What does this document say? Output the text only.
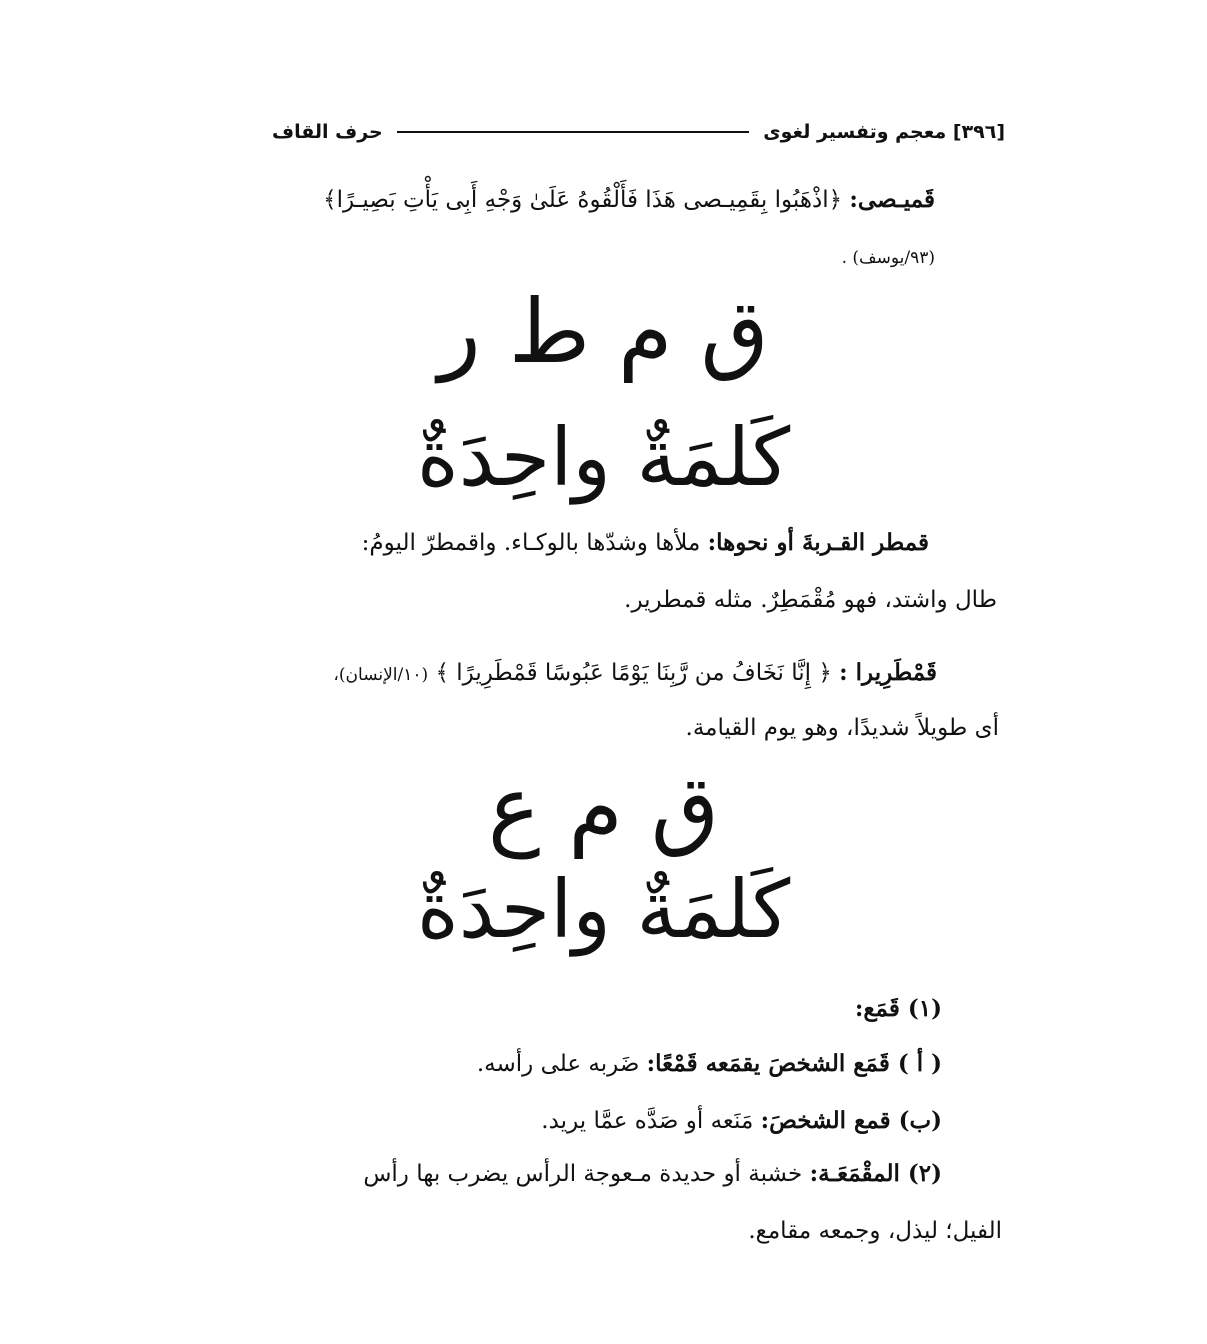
[٣٩٦] معجم وتفسير لغوى
حرف القاف
قَميـصى: ﴿اذْهَبُوا بِقَمِيـصى هَذَا فَأَلْقُوهُ عَلَىٰ وَجْهِ أَبِى يَأْتِ بَصِيـرًا﴾
(٩٣/يوسف) .
ق م ط ر
كَلمَةٌ واحِدَةٌ
قمطر القـربةَ أو نحوها: ملأها وشدّها بالوكـاء. واقمطرّ اليومُ:
طال واشتد، فهو مُقْمَطِرٌ. مثله قمطرير.
قَمْطَرِيرا : ﴿ إِنَّا نَخَافُ من رَّبِنَا يَوْمًا عَبُوسًا قَمْطَرِيرًا ﴾ (١٠/الإنسان)،
أى طويلاً شديدًا، وهو يوم القيامة.
ق م ع
كَلمَةٌ واحِدَةٌ
(١) قَمَع:
( أ ) قَمَع الشخصَ يقمَعه قَمْعًا: ضَربه على رأسه.
(ب) قمع الشخصَ: مَنَعه أو صَدَّه عمَّا يريد.
(٢) المقْمَعَـة: خشبة أو حديدة مـعوجة الرأس يضرب بها رأس
الفيل؛ ليذل، وجمعه مقامع.
